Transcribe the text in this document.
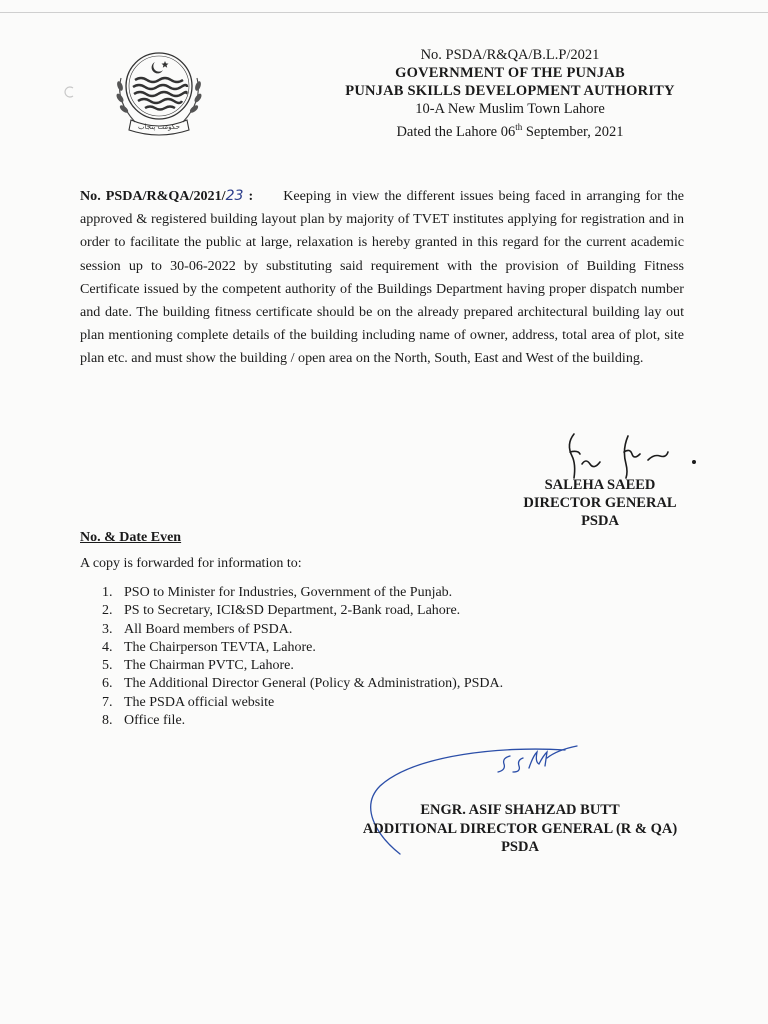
حکومت پنجاب
No. PSDA/R&QA/B.L.P/2021
GOVERNMENT OF THE PUNJAB
PUNJAB SKILLS DEVELOPMENT AUTHORITY
10-A New Muslim Town Lahore
Dated the Lahore 06th September, 2021
No. PSDA/R&QA/2021/23 : Keeping in view the different issues being faced in arranging for the approved & registered building layout plan by majority of TVET institutes applying for registration and in order to facilitate the public at large, relaxation is hereby granted in this regard for the current academic session up to 30-06-2022 by substituting said requirement with the provision of Building Fitness Certificate issued by the competent authority of the Buildings Department having proper dispatch number and date. The building fitness certificate should be on the already prepared architectural building lay out plan mentioning complete details of the building including name of owner, address, total area of plot, site plan etc. and must show the building / open area on the North, South, East and West of the building.
SALEHA SAEED
DIRECTOR GENERAL
PSDA
No. & Date Even
A copy is forwarded for information to:
1. PSO to Minister for Industries, Government of the Punjab.
2. PS to Secretary, ICI&SD Department, 2-Bank road, Lahore.
3. All Board members of PSDA.
4. The Chairperson TEVTA, Lahore.
5. The Chairman PVTC, Lahore.
6. The Additional Director General (Policy & Administration), PSDA.
7. The PSDA official website
8. Office file.
ENGR. ASIF SHAHZAD BUTT
ADDITIONAL DIRECTOR GENERAL (R & QA)
PSDA
